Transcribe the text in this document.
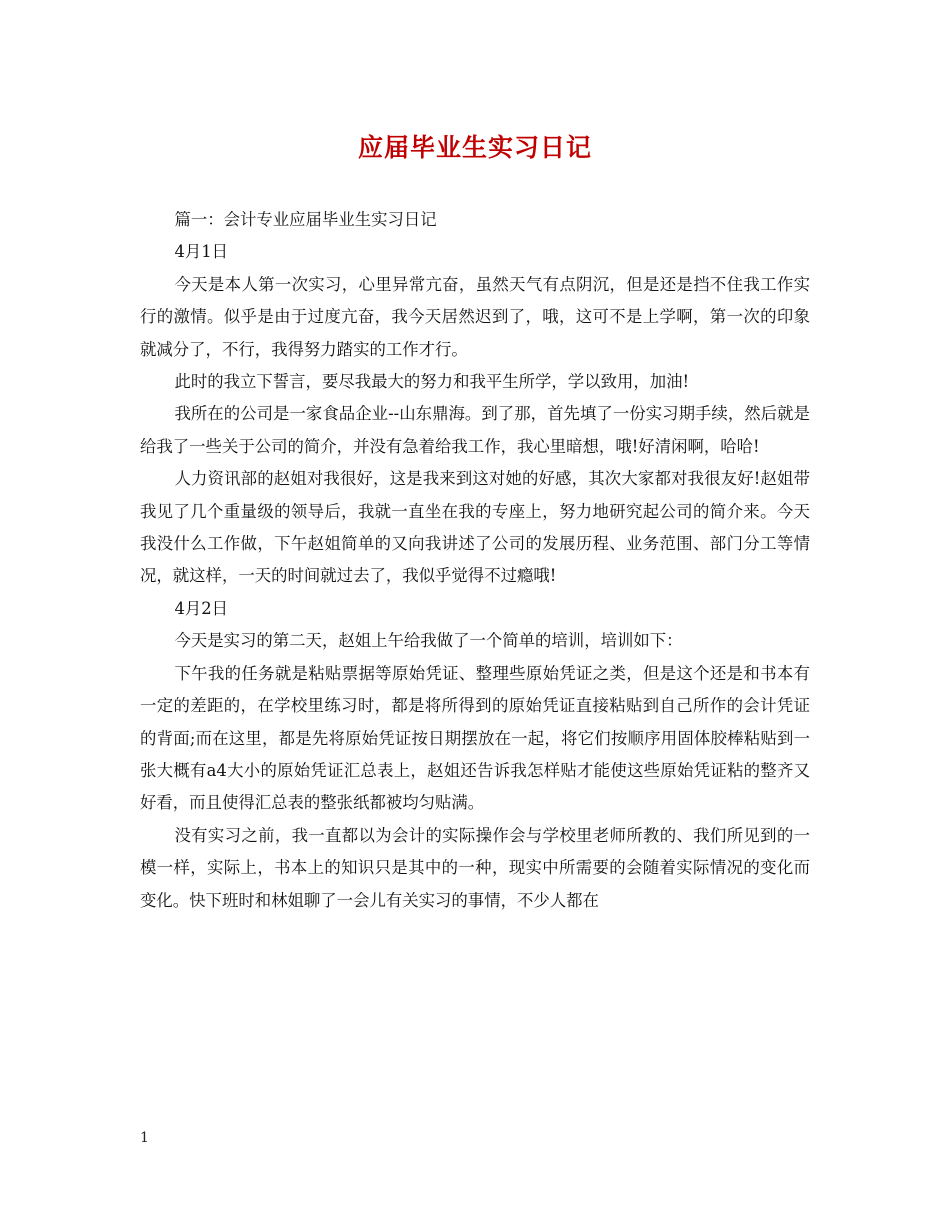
应届毕业生实习日记

篇一：会计专业应届毕业生实习日记

4月1日

今天是本人第一次实习，心里异常亢奋，虽然天气有点阴沉，但是还是挡不住我工作实行的激情。似乎是由于过度亢奋，我今天居然迟到了，哦，这可不是上学啊，第一次的印象就减分了，不行，我得努力踏实的工作才行。

此时的我立下誓言，要尽我最大的努力和我平生所学，学以致用，加油!

我所在的公司是一家食品企业--山东鼎海。到了那，首先填了一份实习期手续，然后就是给我了一些关于公司的简介，并没有急着给我工作，我心里暗想，哦!好清闲啊，哈哈!

人力资讯部的赵姐对我很好，这是我来到这对她的好感，其次大家都对我很友好!赵姐带我见了几个重量级的领导后，我就一直坐在我的专座上，努力地研究起公司的简介来。今天我没什么工作做，下午赵姐简单的又向我讲述了公司的发展历程、业务范围、部门分工等情况，就这样，一天的时间就过去了，我似乎觉得不过瘾哦!

4月2日

今天是实习的第二天，赵姐上午给我做了一个简单的培训，培训如下：

下午我的任务就是粘贴票据等原始凭证、整理些原始凭证之类，但是这个还是和书本有一定的差距的，在学校里练习时，都是将所得到的原始凭证直接粘贴到自己所作的会计凭证的背面;而在这里，都是先将原始凭证按日期摆放在一起，将它们按顺序用固体胶棒粘贴到一张大概有a4大小的原始凭证汇总表上，赵姐还告诉我怎样贴才能使这些原始凭证粘的整齐又好看，而且使得汇总表的整张纸都被均匀贴满。

没有实习之前，我一直都以为会计的实际操作会与学校里老师所教的、我们所见到的一模一样，实际上，书本上的知识只是其中的一种，现实中所需要的会随着实际情况的变化而变化。快下班时和林姐聊了一会儿有关实习的事情，不少人都在

1
